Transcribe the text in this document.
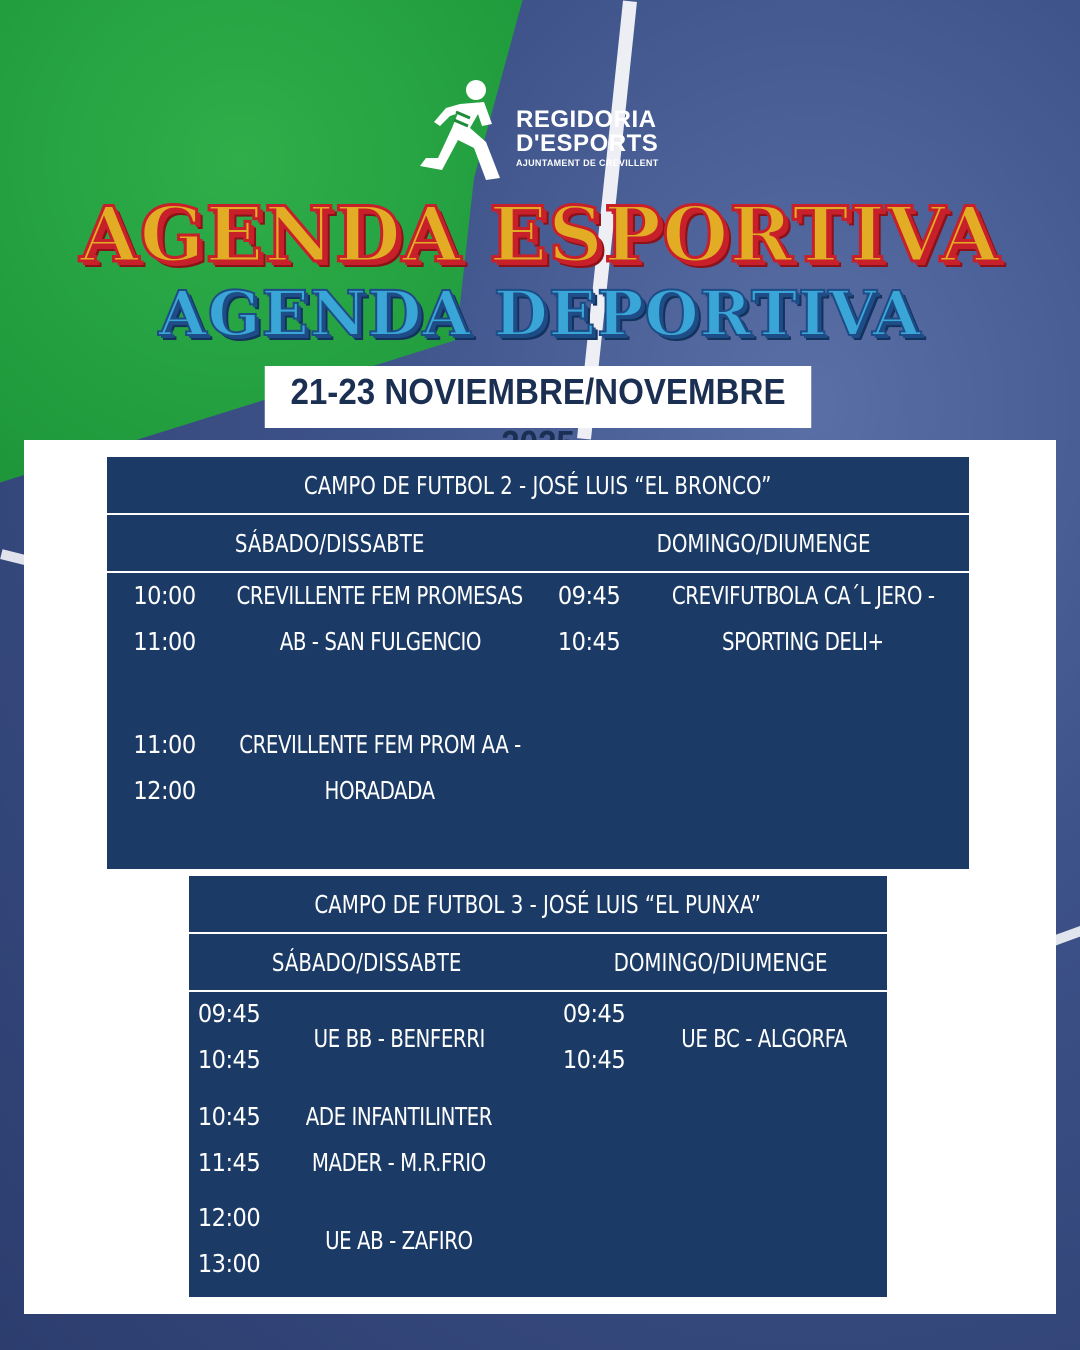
REGIDORIA
D'ESPORTS
AJUNTAMENT DE CREVILLENT
AGENDA ESPORTIVA
AGENDA DEPORTIVA
21-23 NOVIEMBRE/NOVEMBRE
CAMPO DE FUTBOL 2 - JOSÉ LUIS “EL BRONCO”
SÁBADO/DISSABTE	DOMINGO/DIUMENGE
10:00
11:00
CREVILLENTE FEM PROMESAS
AB - SAN FULGENCIO
11:00
12:00
CREVILLENTE FEM PROM AA -
HORADADA
09:45
10:45
CREVIFUTBOLA CA´L JERO -
SPORTING DELI+
CAMPO DE FUTBOL 3 - JOSÉ LUIS “EL PUNXA”
SÁBADO/DISSABTE	DOMINGO/DIUMENGE
09:45
10:45
UE BB - BENFERRI
10:45
11:45
ADE INFANTILINTER
MADER - M.R.FRIO
12:00
13:00
UE AB - ZAFIRO
09:45
10:45
UE BC - ALGORFA
